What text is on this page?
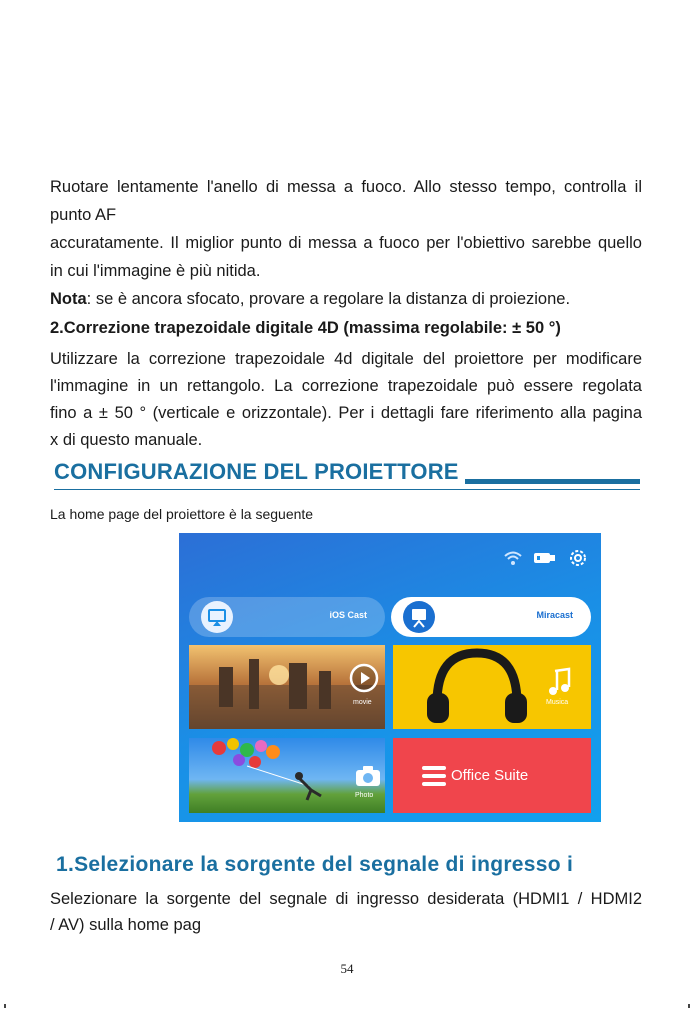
Ruotare lentamente l'anello di messa a fuoco. Allo stesso tempo, controlla il

punto AF

accuratamente. Il miglior punto di messa a fuoco per l'obiettivo sarebbe quello

in cui l'immagine è più nitida.

Nota: se è ancora sfocato, provare a regolare la distanza di proiezione.

2.Correzione trapezoidale digitale 4D (massima regolabile: ± 50 °)

Utilizzare la correzione trapezoidale 4d digitale del proiettore per modificare

l'immagine in un rettangolo. La correzione trapezoidale può essere regolata

fino a ± 50 ° (verticale e orizzontale). Per i dettagli fare riferimento alla pagina

x di questo manuale.

CONFIGURAZIONE DEL PROIETTORE

La home page del proiettore è la seguente

iOS Cast	Miracast
movie	Musica
Photo
Office Suite

1.Selezionare la sorgente del segnale di ingresso i

Selezionare la sorgente del segnale di ingresso desiderata (HDMI1 / HDMI2

/ AV) sulla home pag

54
